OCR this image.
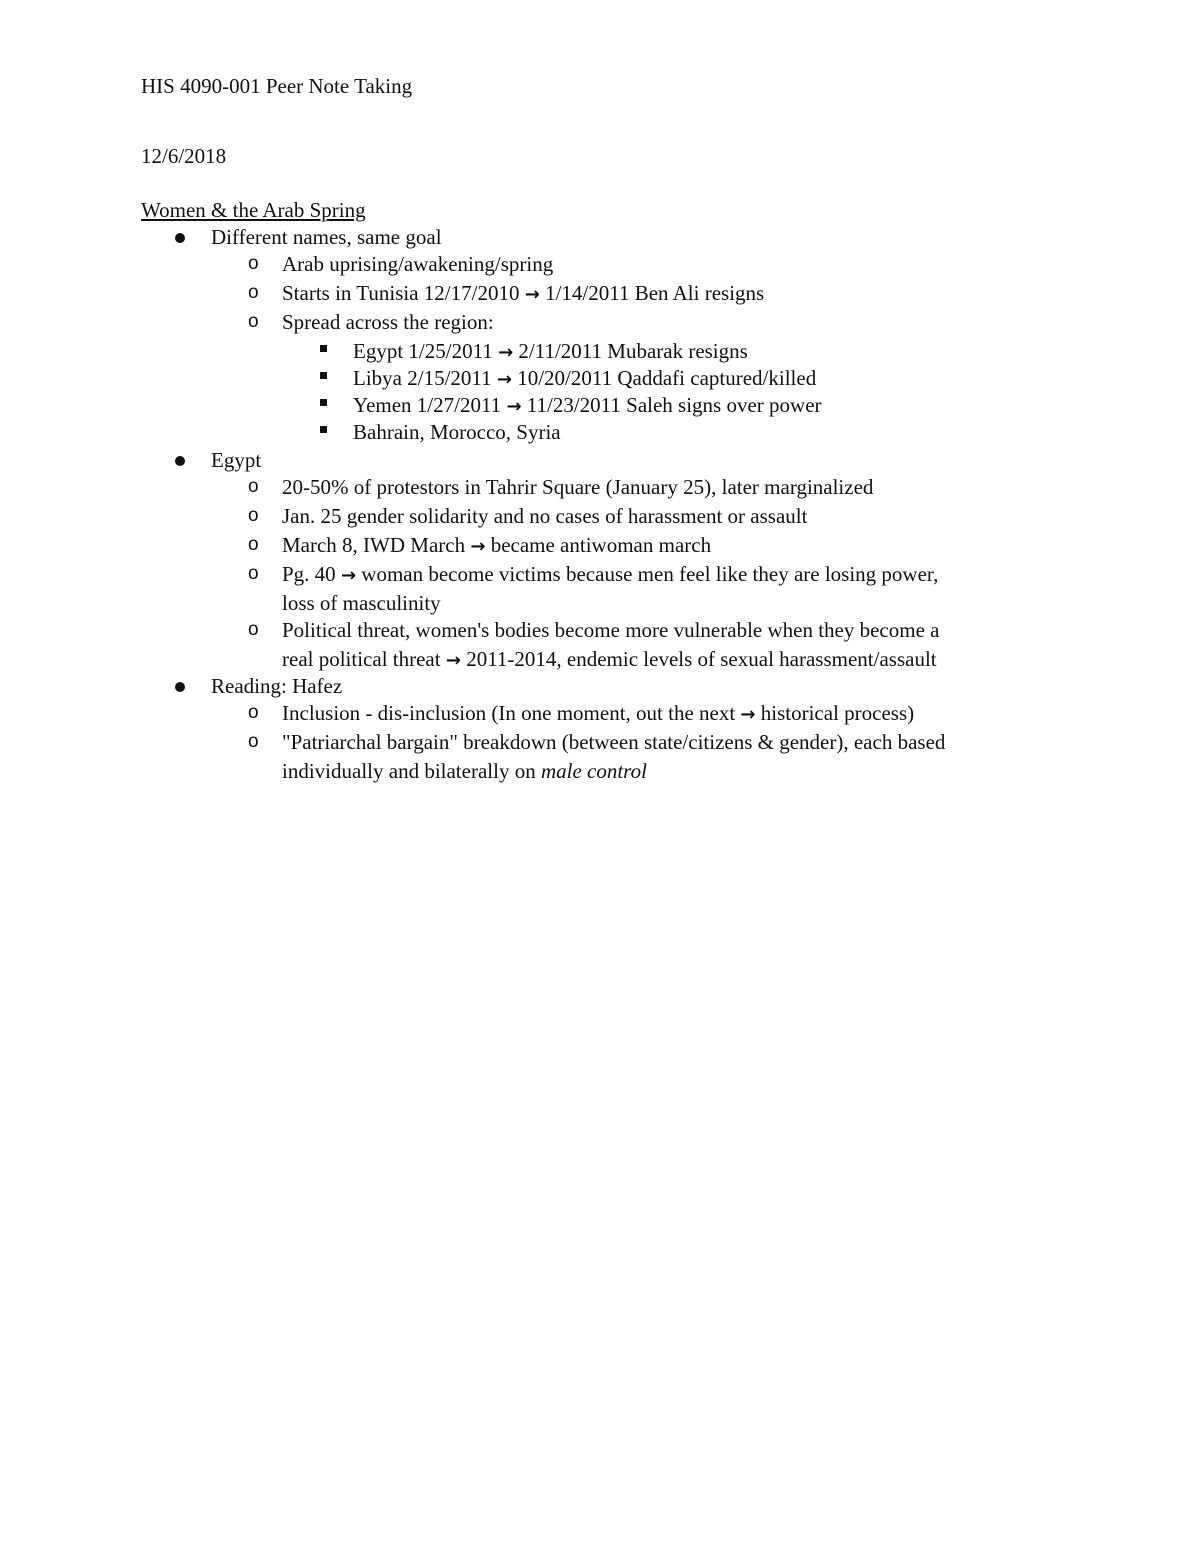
HIS 4090-001 Peer Note Taking
12/6/2018
Women & the Arab Spring
Different names, same goal
o Arab uprising/awakening/spring
o Starts in Tunisia 12/17/2010 → 1/14/2011 Ben Ali resigns
o Spread across the region:
Egypt 1/25/2011 → 2/11/2011 Mubarak resigns
Libya 2/15/2011 → 10/20/2011 Qaddafi captured/killed
Yemen 1/27/2011 → 11/23/2011 Saleh signs over power
Bahrain, Morocco, Syria
Egypt
o 20-50% of protestors in Tahrir Square (January 25), later marginalized
o Jan. 25 gender solidarity and no cases of harassment or assault
o March 8, IWD March → became antiwoman march
o Pg. 40 → woman become victims because men feel like they are losing power,
loss of masculinity
o Political threat, women's bodies become more vulnerable when they become a
real political threat → 2011-2014, endemic levels of sexual harassment/assault
Reading: Hafez
o Inclusion - dis-inclusion (In one moment, out the next → historical process)
o "Patriarchal bargain" breakdown (between state/citizens & gender), each based
individually and bilaterally on male control
